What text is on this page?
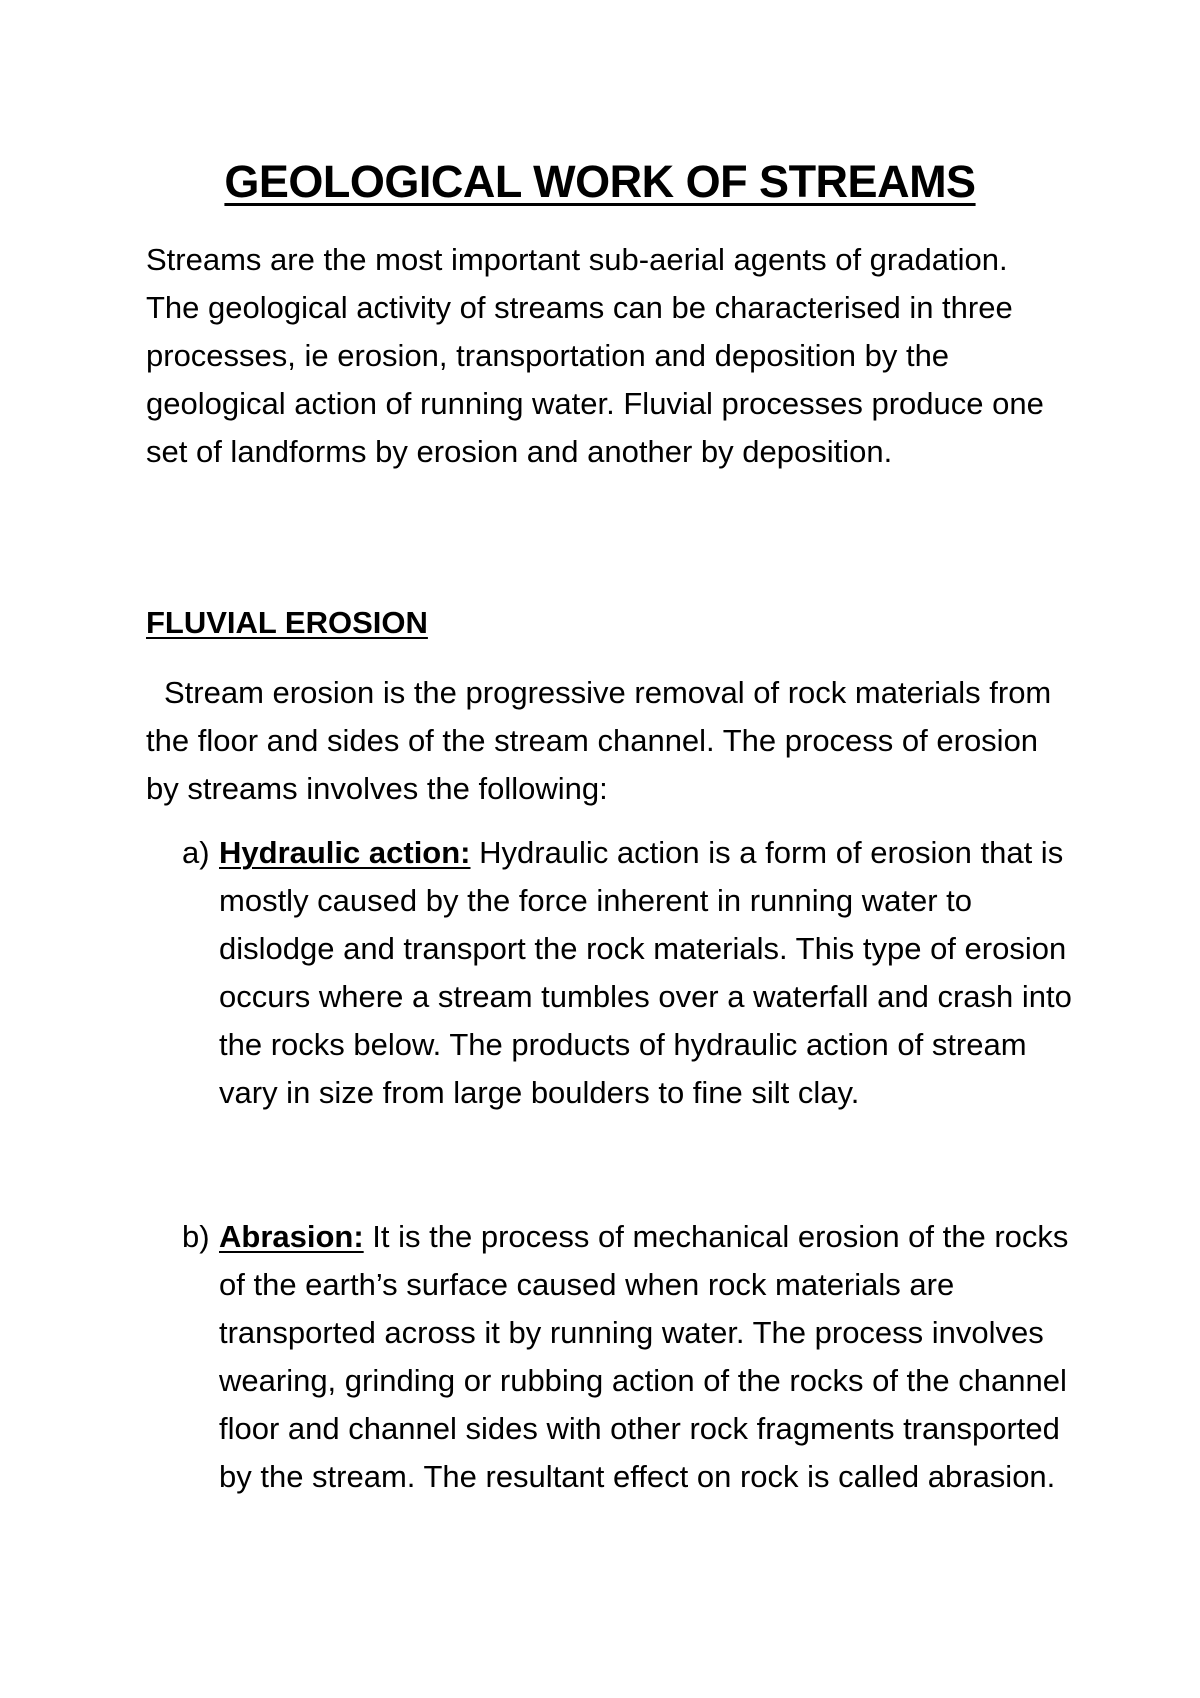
GEOLOGICAL WORK OF STREAMS

Streams are the most important sub-aerial agents of gradation. The geological activity of streams can be characterised in three processes, ie erosion, transportation and deposition by the geological action of running water. Fluvial processes produce one set of landforms by erosion and another by deposition.

FLUVIAL EROSION

Stream erosion is the progressive removal of rock materials from the floor and sides of the stream channel. The process of erosion by streams involves the following:

a) Hydraulic action: Hydraulic action is a form of erosion that is mostly caused by the force inherent in running water to dislodge and transport the rock materials. This type of erosion occurs where a stream tumbles over a waterfall and crash into the rocks below. The products of hydraulic action of stream vary in size from large boulders to fine silt clay.

b) Abrasion: It is the process of mechanical erosion of the rocks of the earth’s surface caused when rock materials are transported across it by running water. The process involves wearing, grinding or rubbing action of the rocks of the channel floor and channel sides with other rock fragments transported by the stream. The resultant effect on rock is called abrasion.
